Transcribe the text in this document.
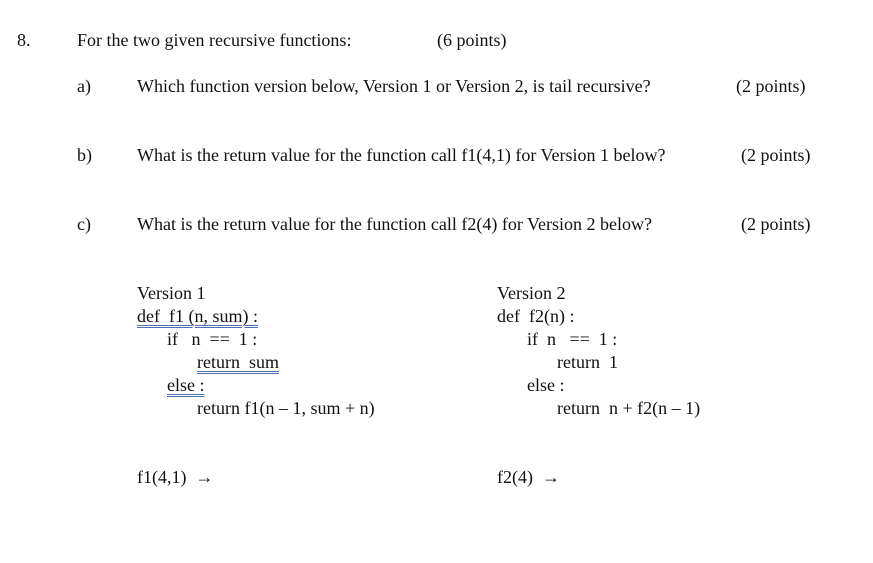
8.	For the two given recursive functions:	(6 points)
a)	Which function version below, Version 1 or Version 2, is tail recursive?	(2 points)
b)	What is the return value for the function call f1(4,1) for Version 1 below?	(2 points)
c)	What is the return value for the function call f2(4) for Version 2 below?	(2 points)
Version 1
def  f1 (n, sum) :
if   n  ==  1 :
return  sum
else :
return f1(n – 1, sum + n)
f1(4,1)  →
Version 2
def  f2(n) :
if  n   ==  1 :
return  1
else :
return  n + f2(n – 1)
f2(4)  →
